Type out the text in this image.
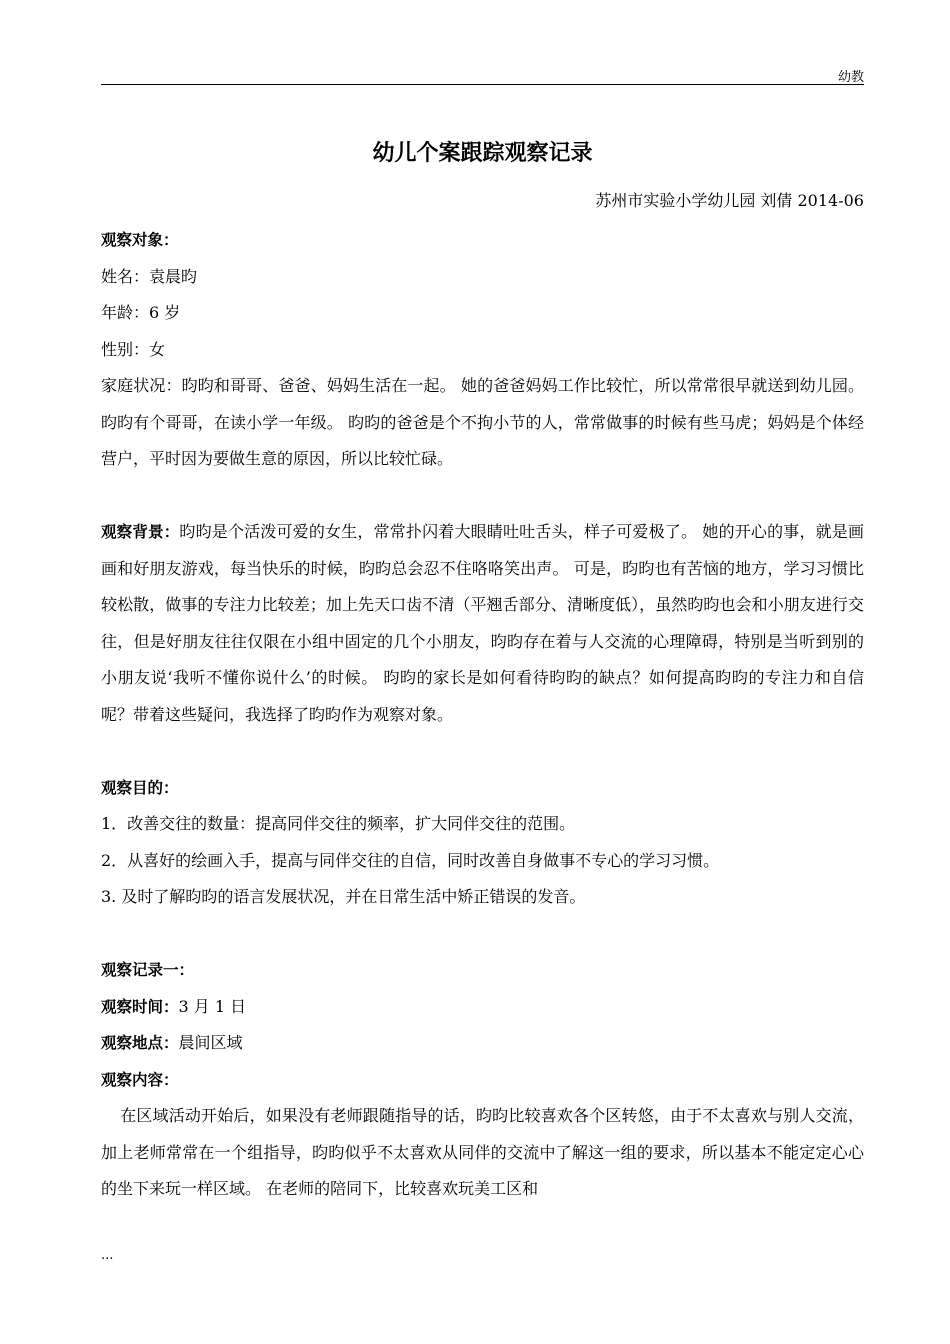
幼教
幼儿个案跟踪观察记录
苏州市实验小学幼儿园 刘倩 2014-06

观察对象：

姓名：袁晨昀

年龄：6 岁

性别：女

家庭状况：昀昀和哥哥、爸爸、妈妈生活在一起。 她的爸爸妈妈工作比较忙，所以常常很早就送到幼儿园。 昀昀有个哥哥，在读小学一年级。 昀昀的爸爸是个不拘小节的人，常常做事的时候有些马虎；妈妈是个体经营户，平时因为要做生意的原因，所以比较忙碌。

观察背景：昀昀是个活泼可爱的女生，常常扑闪着大眼睛吐吐舌头，样子可爱极了。 她的开心的事，就是画画和好朋友游戏，每当快乐的时候，昀昀总会忍不住咯咯笑出声。 可是，昀昀也有苦恼的地方，学习习惯比较松散，做事的专注力比较差；加上先天口齿不清（平翘舌部分、清晰度低），虽然昀昀也会和小朋友进行交往，但是好朋友往往仅限在小组中固定的几个小朋友，昀昀存在着与人交流的心理障碍，特别是当听到别的小朋友说‘我听不懂你说什么’的时候。 昀昀的家长是如何看待昀昀的缺点？如何提高昀昀的专注力和自信呢？带着这些疑问，我选择了昀昀作为观察对象。

观察目的：

1．改善交往的数量：提高同伴交往的频率，扩大同伴交往的范围。

2．从喜好的绘画入手，提高与同伴交往的自信，同时改善自身做事不专心的学习习惯。

3. 及时了解昀昀的语言发展状况，并在日常生活中矫正错误的发音。

观察记录一：

观察时间：3 月 1 日

观察地点：晨间区域

观察内容：

在区域活动开始后，如果没有老师跟随指导的话，昀昀比较喜欢各个区转悠，由于不太喜欢与别人交流，加上老师常常在一个组指导，昀昀似乎不太喜欢从同伴的交流中了解这一组的要求，所以基本不能定定心心的坐下来玩一样区域。 在老师的陪同下，比较喜欢玩美工区和

...
